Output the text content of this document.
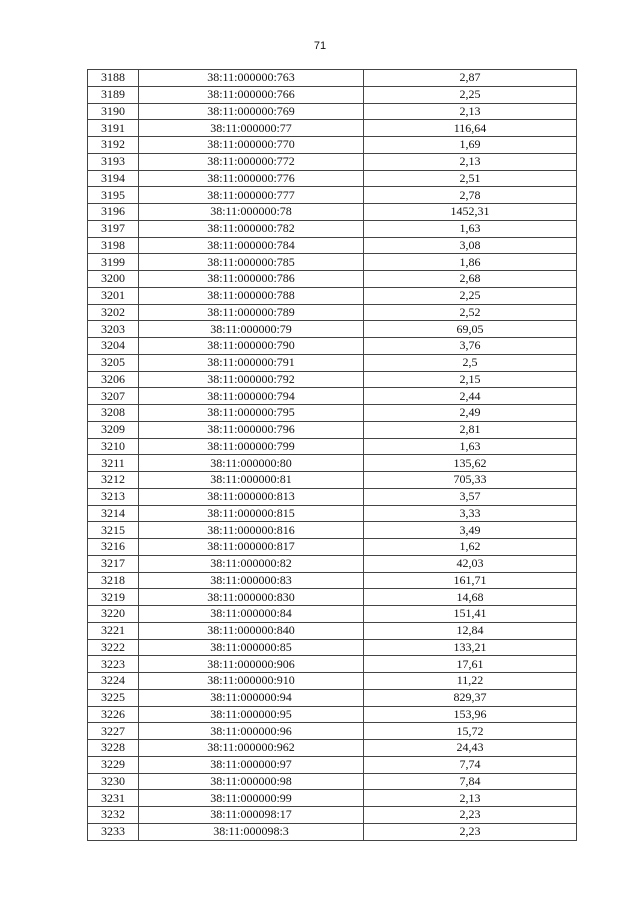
71
3188	38:11:000000:763	2,87
3189	38:11:000000:766	2,25
3190	38:11:000000:769	2,13
3191	38:11:000000:77	116,64
3192	38:11:000000:770	1,69
3193	38:11:000000:772	2,13
3194	38:11:000000:776	2,51
3195	38:11:000000:777	2,78
3196	38:11:000000:78	1452,31
3197	38:11:000000:782	1,63
3198	38:11:000000:784	3,08
3199	38:11:000000:785	1,86
3200	38:11:000000:786	2,68
3201	38:11:000000:788	2,25
3202	38:11:000000:789	2,52
3203	38:11:000000:79	69,05
3204	38:11:000000:790	3,76
3205	38:11:000000:791	2,5
3206	38:11:000000:792	2,15
3207	38:11:000000:794	2,44
3208	38:11:000000:795	2,49
3209	38:11:000000:796	2,81
3210	38:11:000000:799	1,63
3211	38:11:000000:80	135,62
3212	38:11:000000:81	705,33
3213	38:11:000000:813	3,57
3214	38:11:000000:815	3,33
3215	38:11:000000:816	3,49
3216	38:11:000000:817	1,62
3217	38:11:000000:82	42,03
3218	38:11:000000:83	161,71
3219	38:11:000000:830	14,68
3220	38:11:000000:84	151,41
3221	38:11:000000:840	12,84
3222	38:11:000000:85	133,21
3223	38:11:000000:906	17,61
3224	38:11:000000:910	11,22
3225	38:11:000000:94	829,37
3226	38:11:000000:95	153,96
3227	38:11:000000:96	15,72
3228	38:11:000000:962	24,43
3229	38:11:000000:97	7,74
3230	38:11:000000:98	7,84
3231	38:11:000000:99	2,13
3232	38:11:000098:17	2,23
3233	38:11:000098:3	2,23
